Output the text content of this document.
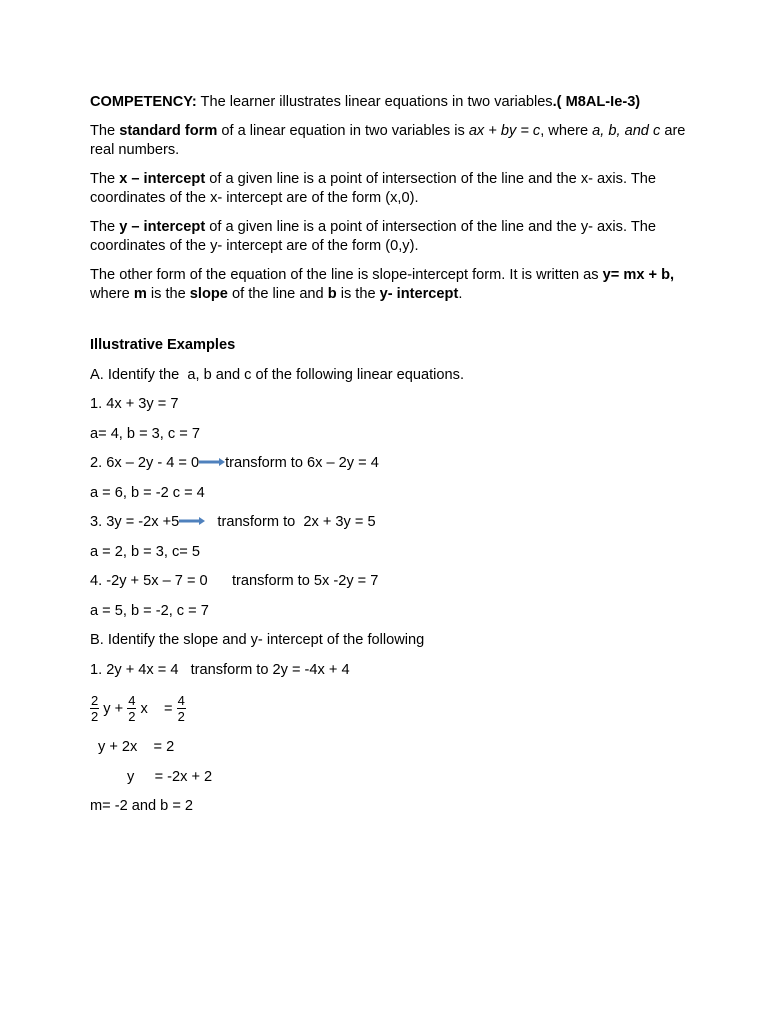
COMPETENCY: The learner illustrates linear equations in two variables.( M8AL-Ie-3)

The standard form of a linear equation in two variables is ax + by = c, where a, b, and c are real numbers.

The x – intercept of a given line is a point of intersection of the line and the x- axis. The coordinates of the x- intercept are of the form (x,0).

The y – intercept of a given line is a point of intersection of the line and the y- axis. The coordinates of the y- intercept are of the form (0,y).

The other form of the equation of the line is slope-intercept form. It is written as y= mx + b, where m is the slope of the line and b is the y- intercept.

Illustrative Examples

A. Identify the  a, b and c of the following linear equations.

1. 4x + 3y = 7

a= 4, b = 3, c = 7

2. 6x – 2y - 4 = 0 transform to 6x – 2y = 4

a = 6, b = -2 c = 4

3. 3y = -2x +5   transform to  2x + 3y = 5

a = 2, b = 3, c= 5

4. -2y + 5x – 7 = 0      transform to 5x -2y = 7

a = 5, b = -2, c = 7

B. Identify the slope and y- intercept of the following

1. 2y + 4x = 4   transform to 2y = -4x + 4

$\frac{2}{2}$ $y + \frac{4}{2}$ x    = $\frac{4}{2}$

y + 2x    = 2

y     = -2x + 2

m= -2 and b = 2
